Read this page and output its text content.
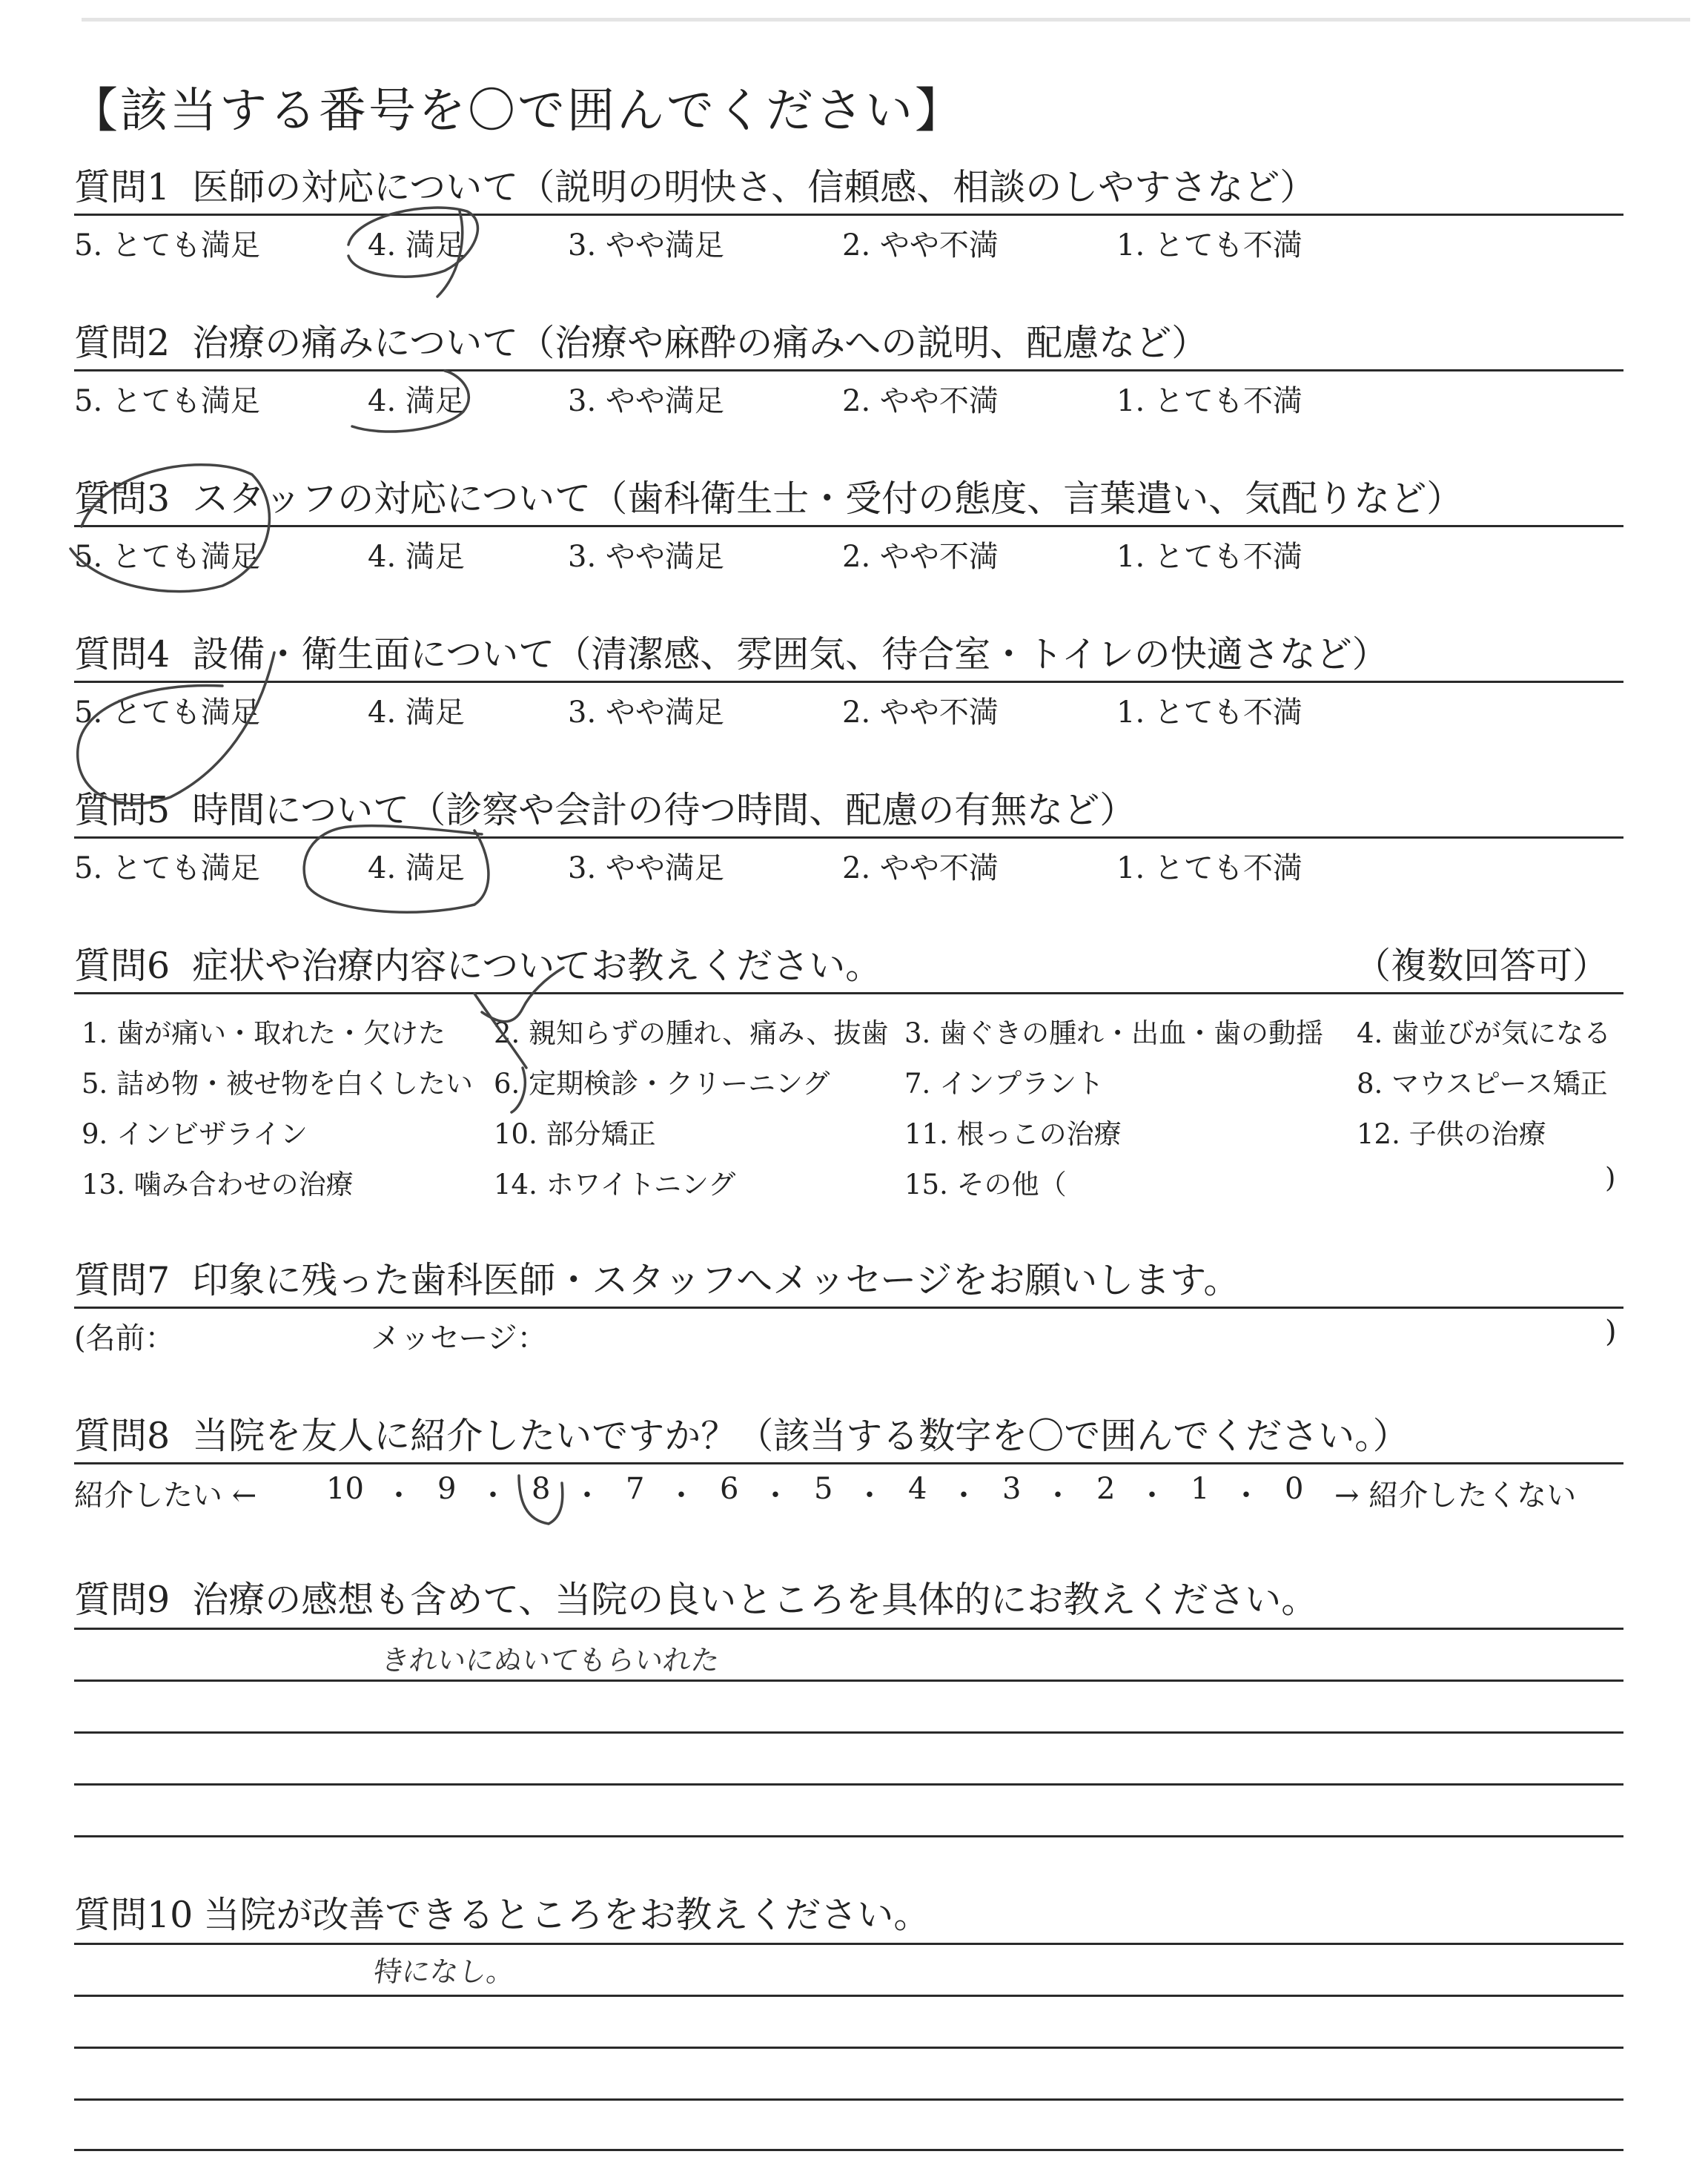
【該当する番号を〇で囲んでください】
質問1 医師の対応について（説明の明快さ、信頼感、相談のしやすさなど）
5. とても満足	4. 満足	3. やや満足	2. やや不満	1. とても不満
質問2 治療の痛みについて（治療や麻酔の痛みへの説明、配慮など）
5. とても満足	4. 満足	3. やや満足	2. やや不満	1. とても不満
質問3 スタッフの対応について（歯科衛生士・受付の態度、言葉遣い、気配りなど）
5. とても満足	4. 満足	3. やや満足	2. やや不満	1. とても不満
質問4 設備・衛生面について（清潔感、雰囲気、待合室・トイレの快適さなど）
5. とても満足	4. 満足	3. やや満足	2. やや不満	1. とても不満
質問5 時間について（診察や会計の待つ時間、配慮の有無など）
5. とても満足	4. 満足	3. やや満足	2. やや不満	1. とても不満
質問6 症状や治療内容についてお教えください。	（複数回答可）
1. 歯が痛い・取れた・欠けた 2. 親知らずの腫れ、痛み、抜歯 3. 歯ぐきの腫れ・出血・歯の動揺 4. 歯並びが気になる
5. 詰め物・被せ物を白くしたい 6. 定期検診・クリーニング	7. インプラント	8. マウスピース矯正
9. インビザライン	10. 部分矯正	11. 根っこの治療	12. 子供の治療
13. 噛み合わせの治療	14. ホワイトニング	15. その他（	)
質問7 印象に残った歯科医師・スタッフへメッセージをお願いします。
(名前：	メッセージ：	)
質問8 当院を友人に紹介したいですか？（該当する数字を〇で囲んでください。）
紹介したい ← 10 ・ 9 ・ 8 ・ 7 ・ 6 ・ 5 ・ 4 ・ 3 ・ 2 ・ 1 ・ 0 → 紹介したくない
質問9 治療の感想も含めて、当院の良いところを具体的にお教えください。
きれいにぬいてもらいれた
質問10 当院が改善できるところをお教えください。
特になし。
